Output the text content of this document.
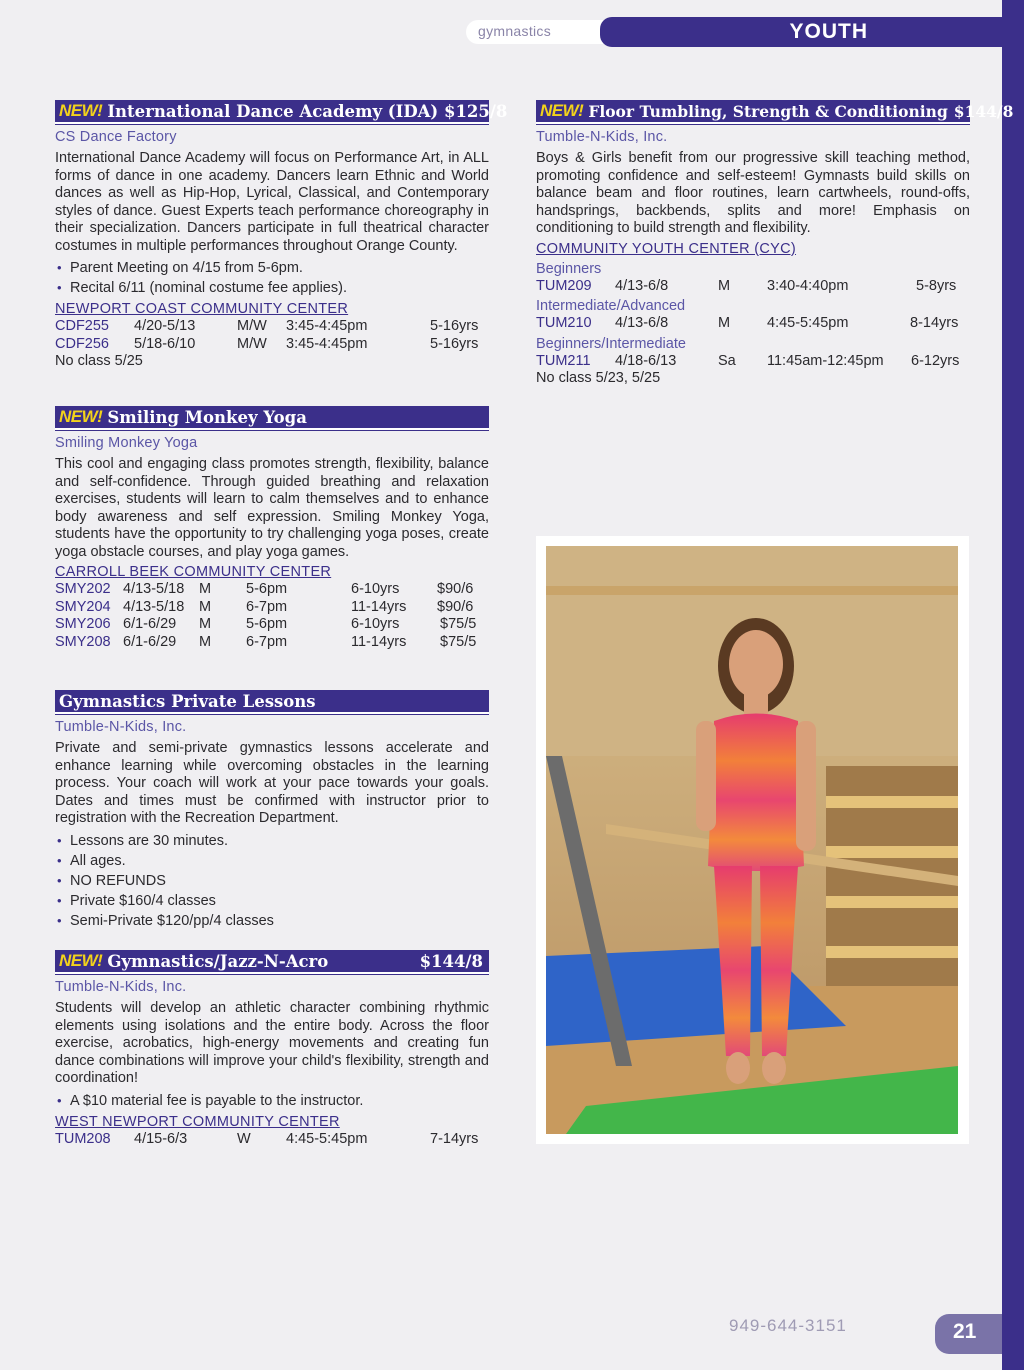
gymnastics	YOUTH
NEW! International Dance Academy (IDA) $125/8
CS Dance Factory
International Dance Academy will focus on Performance Art, in ALL forms of dance in one academy. Dancers learn Ethnic and World dances as well as Hip-Hop, Lyrical, Classical, and Contemporary styles of dance. Guest Experts teach performance choreography in their specialization. Dancers participate in full theatrical character costumes in multiple performances throughout Orange County.
• Parent Meeting on 4/15 from 5-6pm.
• Recital 6/11 (nominal costume fee applies).
NEWPORT COAST COMMUNITY CENTER
CDF255 4/20-5/13	M/W 3:45-4:45pm	5-16yrs
CDF256 5/18-6/10	M/W 3:45-4:45pm	5-16yrs
No class 5/25
NEW! Smiling Monkey Yoga
Smiling Monkey Yoga
This cool and engaging class promotes strength, flexibility, balance and self-confidence. Through guided breathing and relaxation exercises, students will learn to calm themselves and to enhance body awareness and self expression. Smiling Monkey Yoga, students have the opportunity to try challenging yoga poses, create yoga obstacle courses, and play yoga games.
CARROLL BEEK COMMUNITY CENTER
SMY202 4/13-5/18 M 5-6pm	6-10yrs	$90/6
SMY204 4/13-5/18 M 6-7pm	11-14yrs $90/6
SMY206 6/1-6/29 M 5-6pm	6-10yrs	$75/5
SMY208 6/1-6/29 M 6-7pm	11-14yrs $75/5
Gymnastics Private Lessons
Tumble-N-Kids, Inc.
Private and semi-private gymnastics lessons accelerate and enhance learning while overcoming obstacles in the learning process. Your coach will work at your pace towards your goals. Dates and times must be confirmed with instructor prior to registration with the Recreation Department.
• Lessons are 30 minutes.
• All ages.
• NO REFUNDS
• Private $160/4 classes
• Semi-Private $120/pp/4 classes
NEW! Gymnastics/Jazz-N-Acro	$144/8
Tumble-N-Kids, Inc.
Students will develop an athletic character combining rhythmic elements using isolations and the entire body. Across the floor exercise, acrobatics, high-energy movements and creating fun dance combinations will improve your child's flexibility, strength and coordination!
• A $10 material fee is payable to the instructor.
WEST NEWPORT COMMUNITY CENTER
TUM208 4/15-6/3	W 4:45-5:45pm	7-14yrs
NEW! Floor Tumbling, Strength & Conditioning $144/8
Tumble-N-Kids, Inc.
Boys & Girls benefit from our progressive skill teaching method, promoting confidence and self-esteem! Gymnasts build skills on balance beam and floor routines, learn cartwheels, round-offs, handsprings, backbends, splits and more! Emphasis on conditioning to build strength and flexibility.
COMMUNITY YOUTH CENTER (CYC)
Beginners
TUM209 4/13-6/8	M	3:40-4:40pm	5-8yrs
Intermediate/Advanced
TUM210 4/13-6/8	M	4:45-5:45pm	8-14yrs
Beginners/Intermediate
TUM211 4/18-6/13	Sa 11:45am-12:45pm 6-12yrs
No class 5/23, 5/25
949-644-3151	21
